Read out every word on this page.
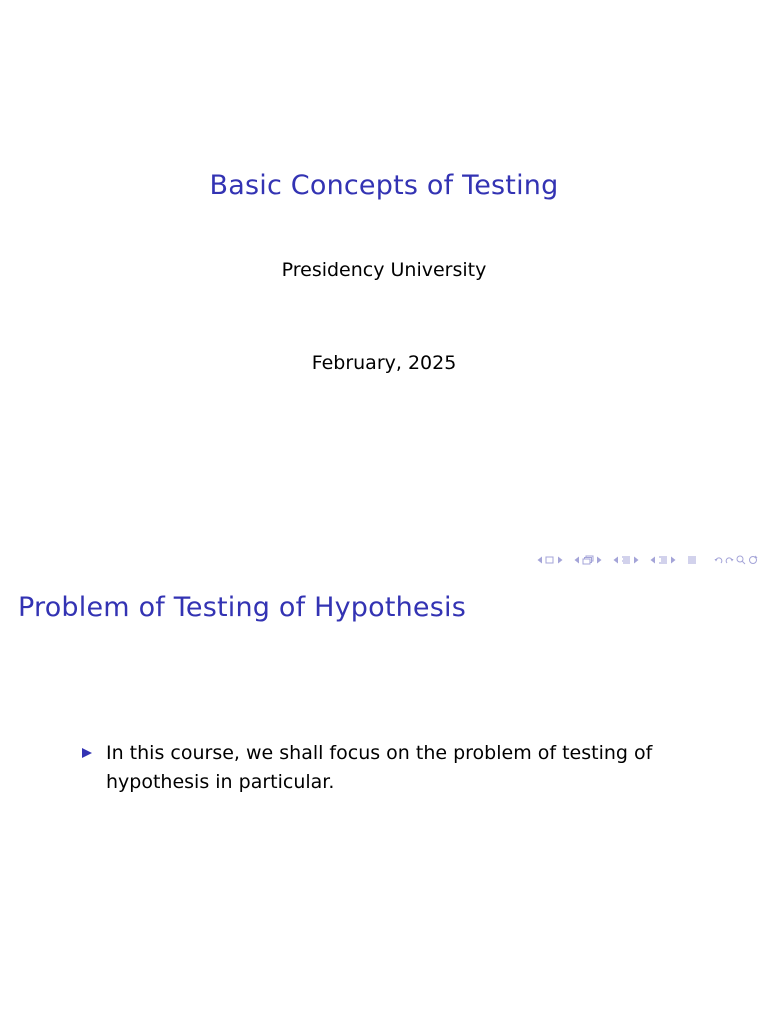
Basic Concepts of Testing
Presidency University
February, 2025
Problem of Testing of Hypothesis
In this course, we shall focus on the problem of testing of hypothesis in particular.
